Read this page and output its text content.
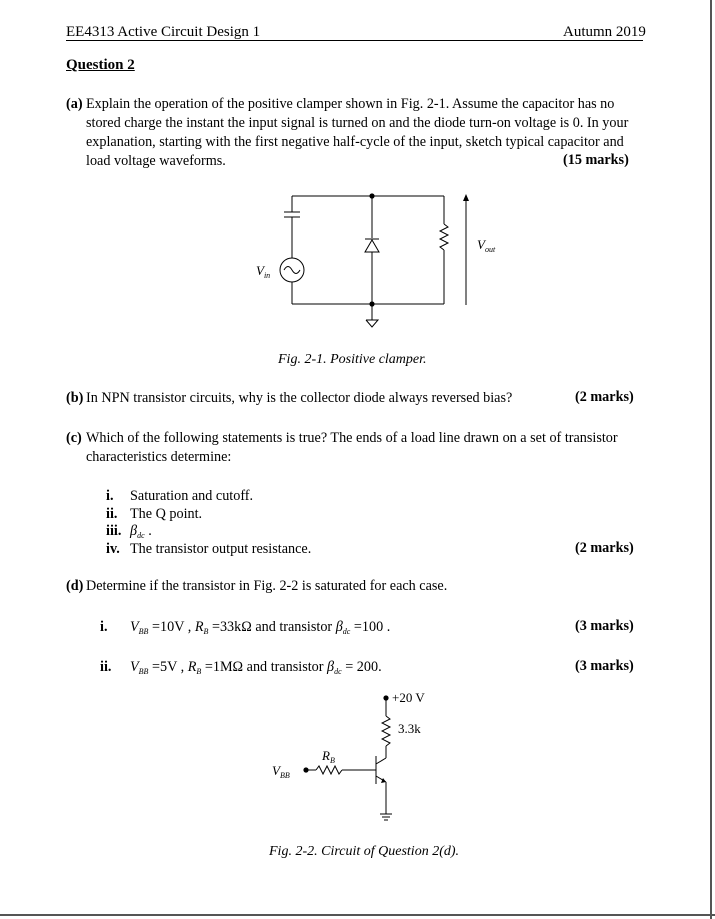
EE4313 Active Circuit Design 1	Autumn 2019
Question 2
(a) Explain the operation of the positive clamper shown in Fig. 2-1. Assume the capacitor has no
stored charge the instant the input signal is turned on and the diode turn-on voltage is 0. In your
explanation, starting with the first negative half-cycle of the input, sketch typical capacitor and
load voltage waveforms.	(15 marks)
$V_{in}$
$V_{out}$
Fig. 2-1. Positive clamper.
(b) In NPN transistor circuits, why is the collector diode always reversed bias?	(2 marks)
(c) Which of the following statements is true? The ends of a load line drawn on a set of transistor
characteristics determine:
i. Saturation and cutoff.
ii. The Q point.
iii. $\beta_{dc}$ .
iv. The transistor output resistance.	(2 marks)
(d) Determine if the transistor in Fig. 2-2 is saturated for each case.
i. $V_{BB} =10V$ , $R_B =33k\Omega$ and transistor $\beta_{dc} =100$ .	(3 marks)
ii. $V_{BB} =5V$ , $R_B =1M\Omega$ and transistor $\beta_{dc} = 200$.	(3 marks)
+20 V
3.3k
$R_B$
$V_{BB}$
Fig. 2-2. Circuit of Question 2(d).
